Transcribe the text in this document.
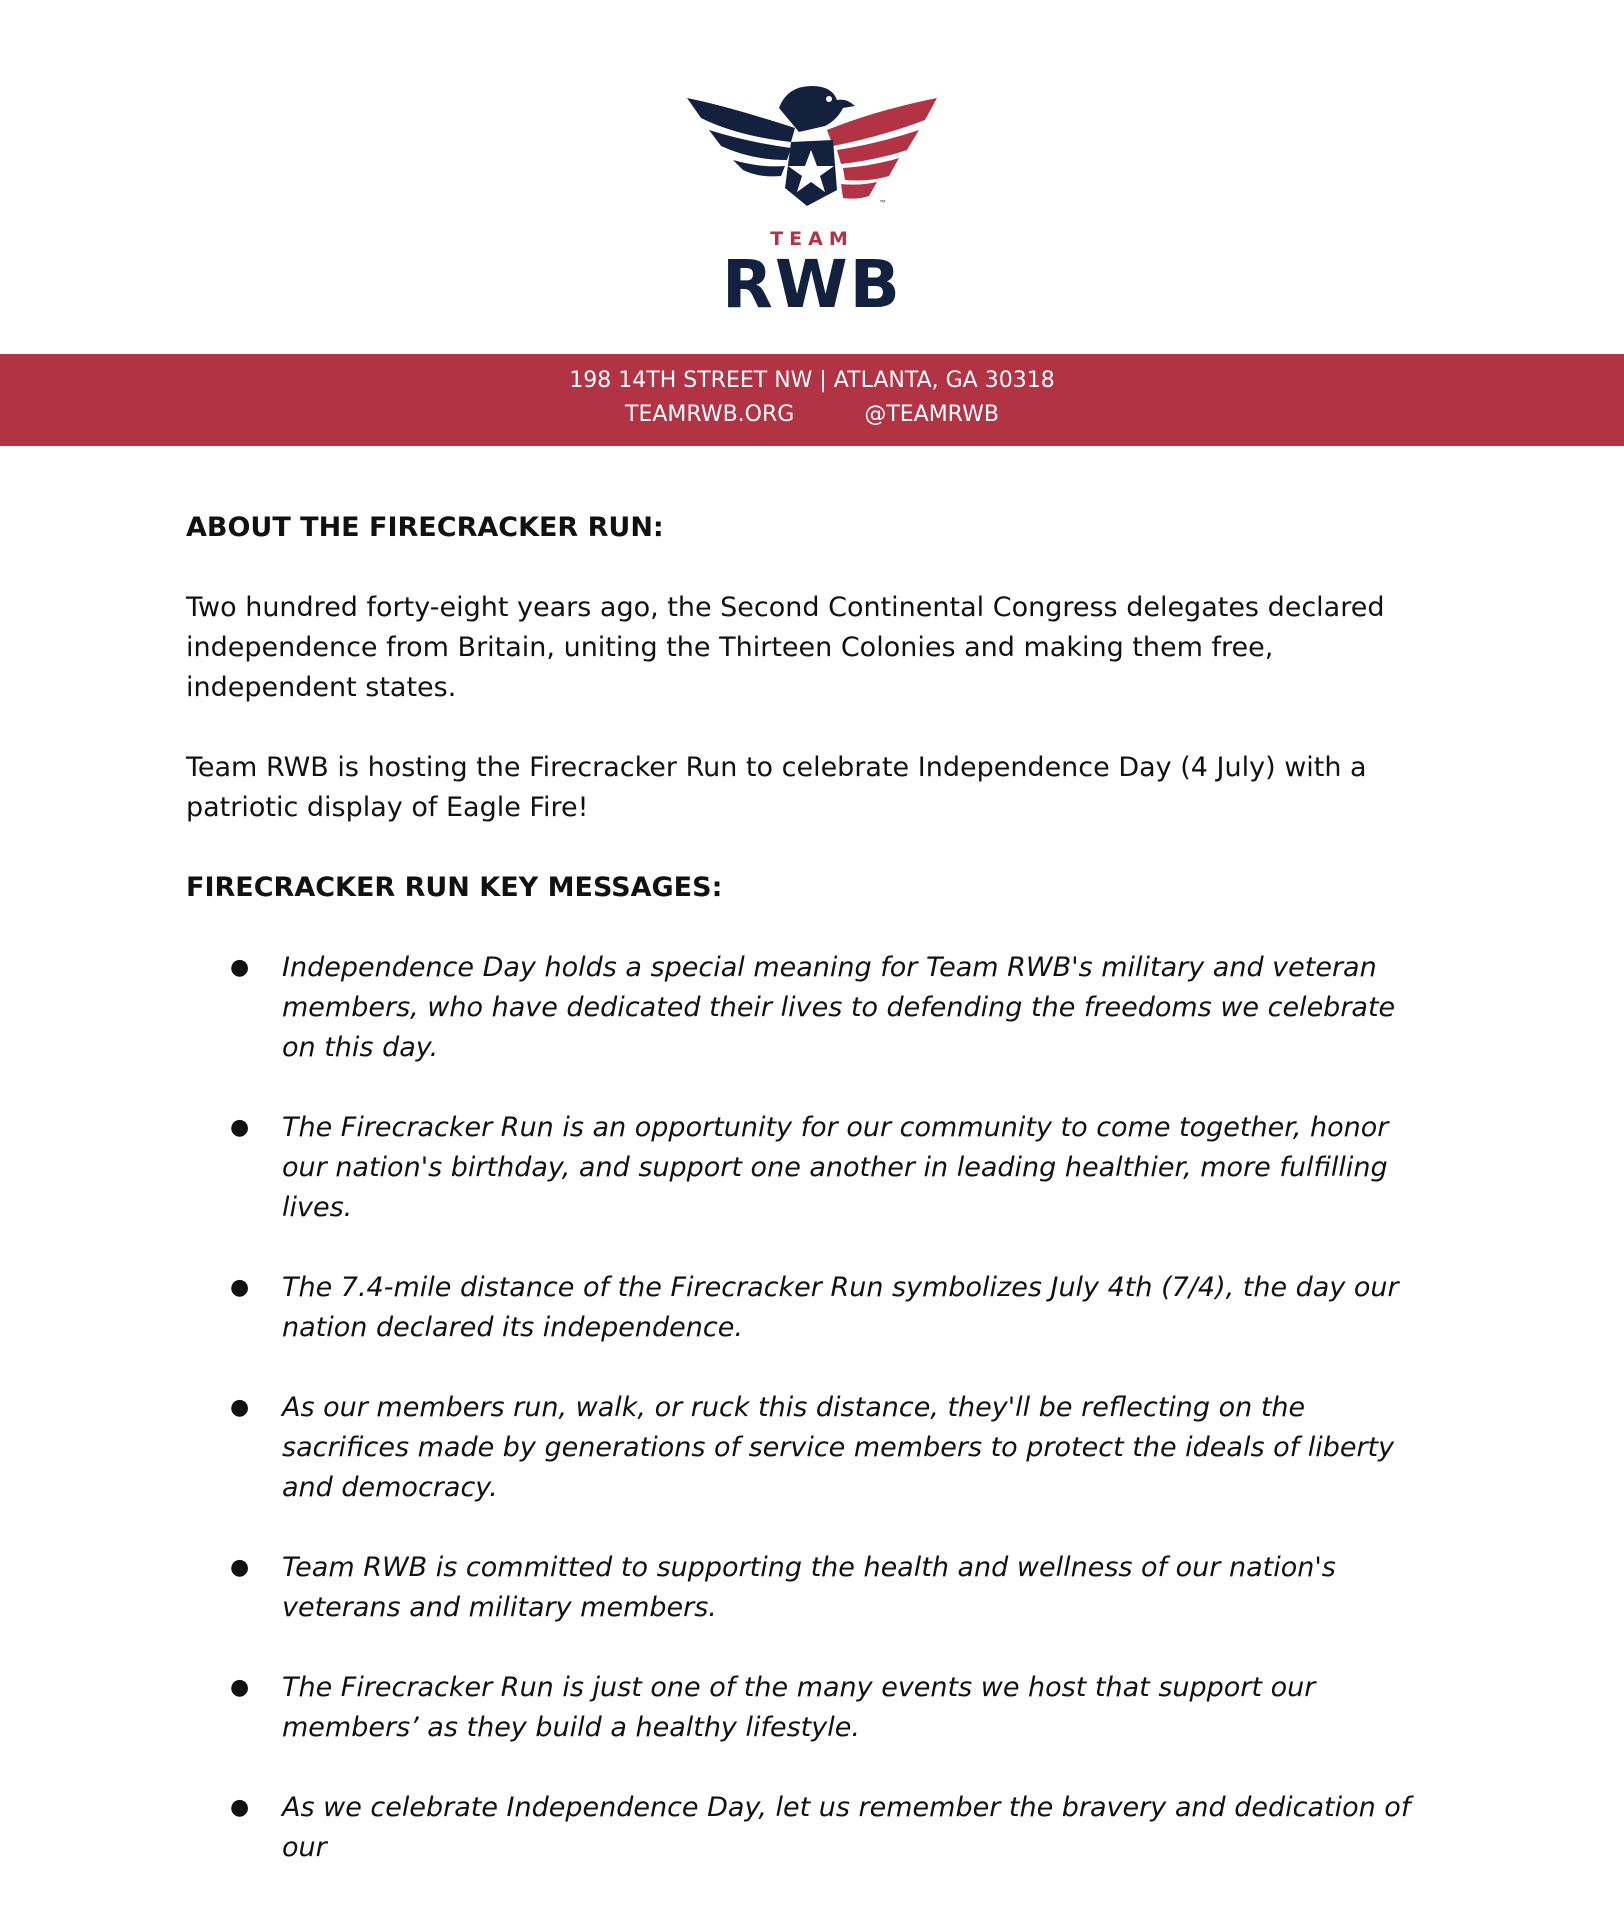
™
TEAM
RWB
198 14TH STREET NW | ATLANTA, GA 30318
TEAMRWB.ORG	@TEAMRWB
ABOUT THE FIRECRACKER RUN:
Two hundred forty-eight years ago, the Second Continental Congress delegates declared independence from Britain, uniting the Thirteen Colonies and making them free, independent states.
Team RWB is hosting the Firecracker Run to celebrate Independence Day (4 July) with a patriotic display of Eagle Fire!
FIRECRACKER RUN KEY MESSAGES:
● Independence Day holds a special meaning for Team RWB's military and veteran members, who have dedicated their lives to defending the freedoms we celebrate on this day.
● The Firecracker Run is an opportunity for our community to come together, honor our nation's birthday, and support one another in leading healthier, more fulfilling lives.
● The 7.4-mile distance of the Firecracker Run symbolizes July 4th (7/4), the day our nation declared its independence.
● As our members run, walk, or ruck this distance, they'll be reflecting on the sacrifices made by generations of service members to protect the ideals of liberty and democracy.
● Team RWB is committed to supporting the health and wellness of our nation's veterans and military members.
● The Firecracker Run is just one of the many events we host that support our members’ as they build a healthy lifestyle.
● As we celebrate Independence Day, let us remember the bravery and dedication of our
